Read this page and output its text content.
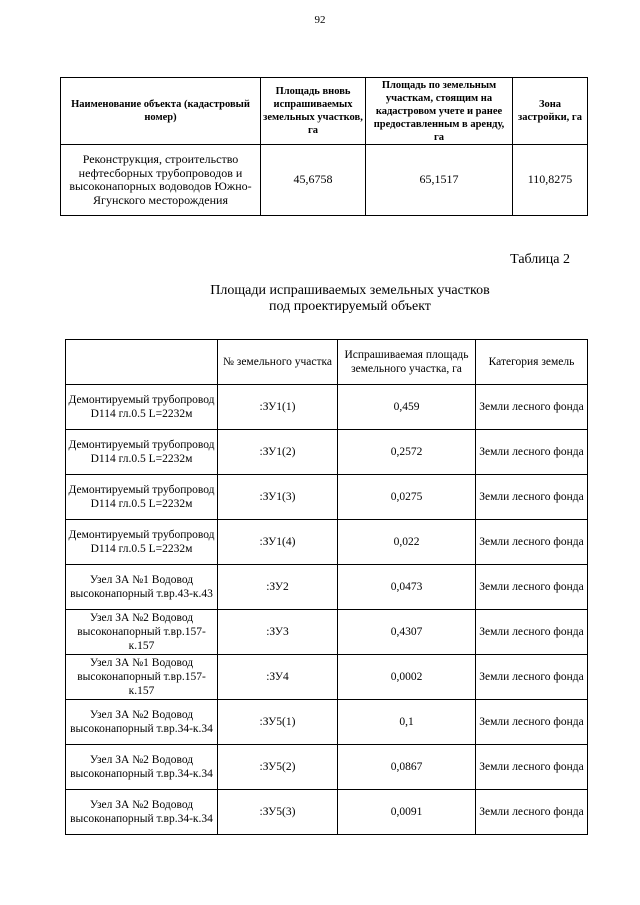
92
Наименование объекта (кадастровый номер)	Площадь вновь испрашиваемых земельных участков, га	Площадь по земельным участкам, стоящим на кадастровом учете и ранее предоставленным в аренду, га	Зона застройки, га
Реконструкция, строительство нефтесборных трубопроводов и высоконапорных водоводов Южно-Ягунского месторождения	45,6758	65,1517	110,8275
Таблица 2
Площади испрашиваемых земельных участков
под проектируемый объект
	№ земельного участка	Испрашиваемая площадь земельного участка, га	Категория земель
Демонтируемый трубопровод D114 гл.0.5 L=2232м	:ЗУ1(1)	0,459	Земли лесного фонда
Демонтируемый трубопровод D114 гл.0.5 L=2232м	:ЗУ1(2)	0,2572	Земли лесного фонда
Демонтируемый трубопровод D114 гл.0.5 L=2232м	:ЗУ1(3)	0,0275	Земли лесного фонда
Демонтируемый трубопровод D114 гл.0.5 L=2232м	:ЗУ1(4)	0,022	Земли лесного фонда
Узел ЗА №1 Водовод высоконапорный т.вр.43-к.43	:ЗУ2	0,0473	Земли лесного фонда
Узел ЗА №2 Водовод высоконапорный т.вр.157-к.157	:ЗУ3	0,4307	Земли лесного фонда
Узел ЗА №1 Водовод высоконапорный т.вр.157-к.157	:ЗУ4	0,0002	Земли лесного фонда
Узел ЗА №2 Водовод высоконапорный т.вр.34-к.34	:ЗУ5(1)	0,1	Земли лесного фонда
Узел ЗА №2 Водовод высоконапорный т.вр.34-к.34	:ЗУ5(2)	0,0867	Земли лесного фонда
Узел ЗА №2 Водовод высоконапорный т.вр.34-к.34	:ЗУ5(3)	0,0091	Земли лесного фонда
